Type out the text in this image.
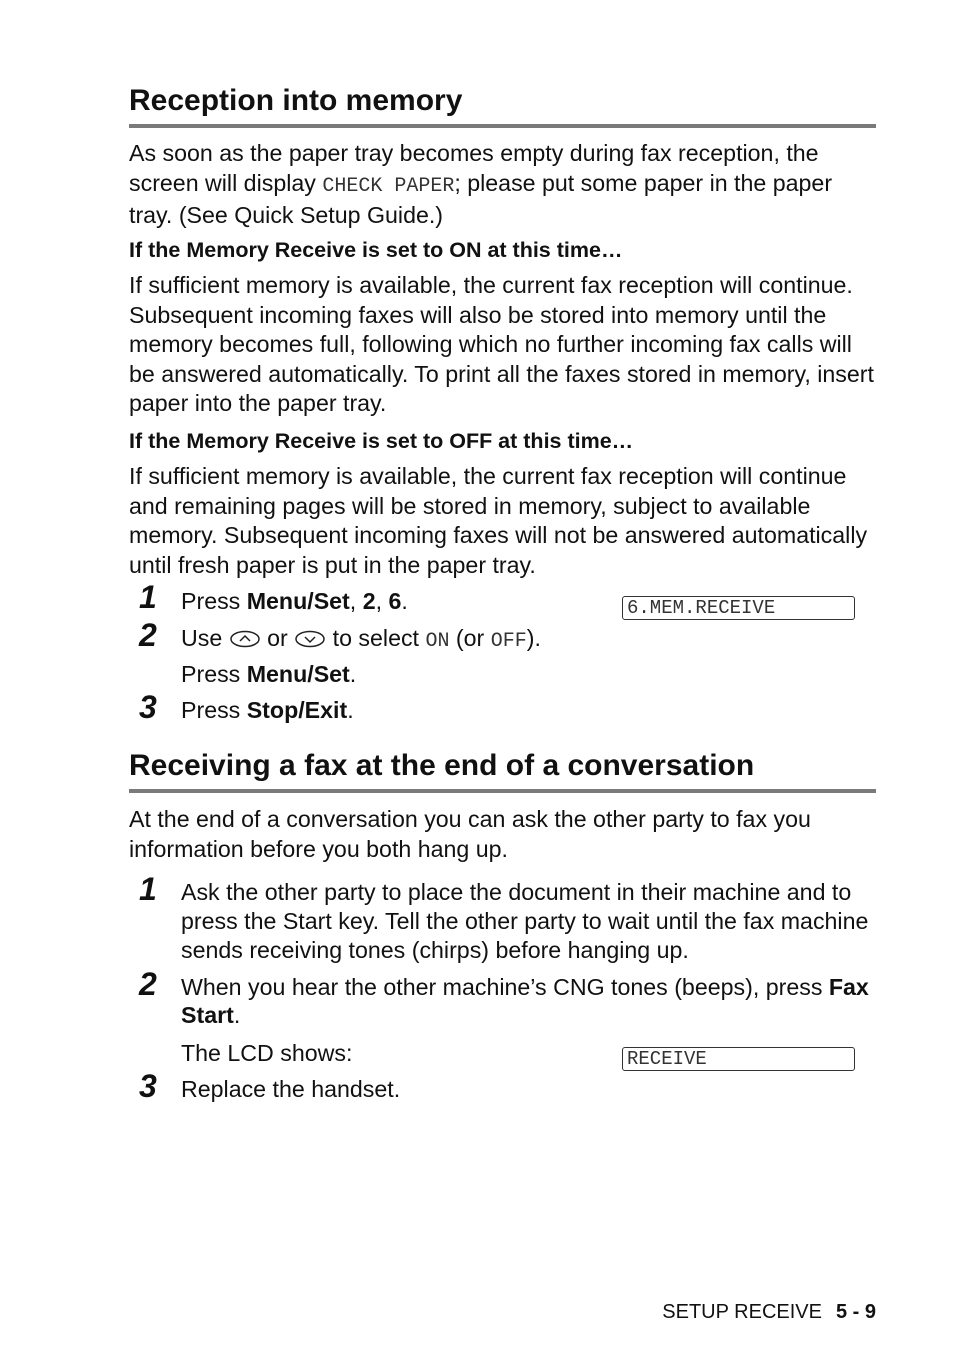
Reception into memory

As soon as the paper tray becomes empty during fax reception, the screen will display CHECK PAPER; please put some paper in the paper tray. (See Quick Setup Guide.)

If the Memory Receive is set to ON at this time…

If sufficient memory is available, the current fax reception will continue. Subsequent incoming faxes will also be stored into memory until the memory becomes full, following which no further incoming fax calls will be answered automatically. To print all the faxes stored in memory, insert paper into the paper tray.

If the Memory Receive is set to OFF at this time…

If sufficient memory is available, the current fax reception will continue and remaining pages will be stored in memory, subject to available memory. Subsequent incoming faxes will not be answered automatically until fresh paper is put in the paper tray.

1 Press Menu/Set, 2, 6.	6.MEM.RECEIVE
2 Use  or  to select ON (or OFF).
Press Menu/Set.
3 Press Stop/Exit.
Receiving a fax at the end of a conversation

At the end of a conversation you can ask the other party to fax you information before you both hang up.

1 Ask the other party to place the document in their machine and to press the Start key. Tell the other party to wait until the fax machine sends receiving tones (chirps) before hanging up.
2 When you hear the other machine’s CNG tones (beeps), press Fax Start.
The LCD shows:	RECEIVE
3 Replace the handset.
SETUP RECEIVE 5 - 9
